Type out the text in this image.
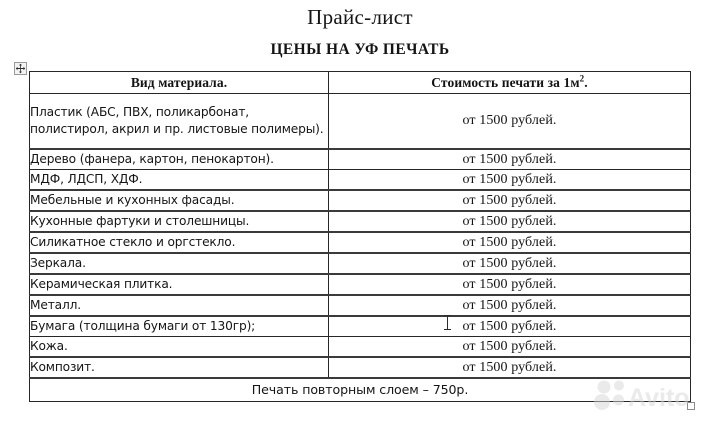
Прайс-лист
ЦЕНЫ НА УФ ПЕЧАТЬ
Вид материала.	Стоимость печати за $1м^2$.
Пластик (АБС, ПВХ, поликарбонат, полистирол, акрил и пр. листовые полимеры).	от 1500 рублей.
Дерево (фанера, картон, пенокартон).	от 1500 рублей.
МДФ, ЛДСП, ХДФ.	от 1500 рублей.
Мебельные и кухонных фасады.	от 1500 рублей.
Кухонные фартуки и столешницы.	от 1500 рублей.
Силикатное стекло и оргстекло.	от 1500 рублей.
Зеркала.	от 1500 рублей.
Керамическая плитка.	от 1500 рублей.
Металл.	от 1500 рублей.
Бумага (толщина бумаги от 130гр);	от 1500 рублей.
Кожа.	от 1500 рублей.
Композит.	от 1500 рублей.
Печать повторным слоем – 750р.		Avito
